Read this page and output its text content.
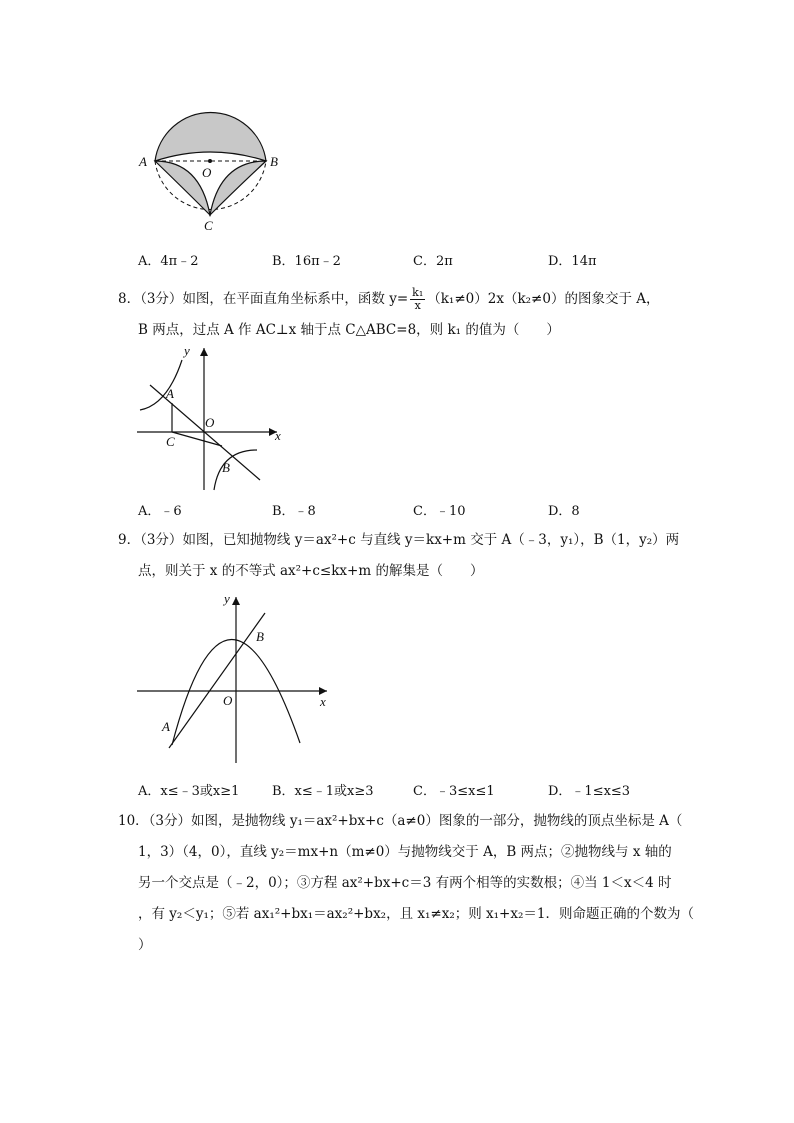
A	B
O
C
A．4π﹣2	B．16π﹣2	C．2π	D．14π
8．（3分）如图，在平面直角坐标系中，函数 $y= \frac{\text{k₁}}{x} (k_1\ne 0)2x(k_2\ne 0)$的图象交于 A，
B 两点，过点 A 作 AC⊥x 轴于点 C△ABC=8，则 k₁ 的值为（　　）
y
A
O
C	x
B
A．﹣6	B．﹣8	C．﹣10	D．8
9．（3分）如图，已知抛物线 y＝ax²+c 与直线 y＝kx+m 交于 A（﹣3，y₁），B（1，y₂）两
点，则关于 x 的不等式 ax²+c≤kx+m 的解集是（　　）
y
B
O	x
A
A．x≤﹣3或x≥1	B．x≤﹣1或x≥3	C．﹣3≤x≤1	D．﹣1≤x≤3
10．（3分）如图，是抛物线 y₁＝ax²+bx+c（a≠0）图象的一部分，抛物线的顶点坐标是 A（
1，3）（4，0），直线 y₂＝mx+n（m≠0）与抛物线交于 A，B 两点；②抛物线与 x 轴的
另一个交点是（﹣2，0）；③方程 ax²+bx+c＝3 有两个相等的实数根；④当 1＜x＜4 时
，有 y₂＜y₁；⑤若 ax₁²+bx₁＝ax₂²+bx₂，且 x₁≠x₂；则 x₁+x₂＝1．则命题正确的个数为（
）
